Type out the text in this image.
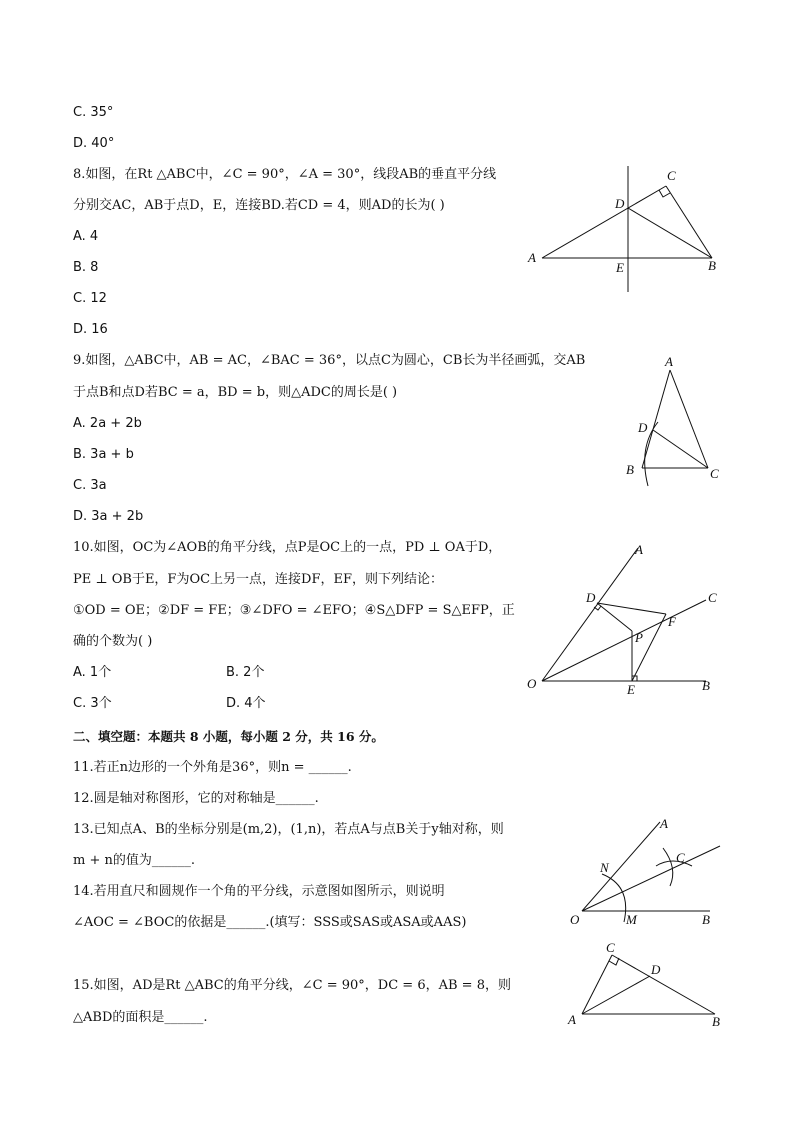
C. 35°
D. 40°
8.如图，在Rt △ABC中，∠C = 90°，∠A = 30°，线段AB的垂直平分线
分别交AC，AB于点D，E，连接BD.若CD = 4，则AD的长为( )
A. 4
B. 8
C. 12
D. 16
A
B
C
D
E
9.如图，△ABC中，AB = AC，∠BAC = 36°，以点C为圆心，CB长为半径画弧，交AB
于点B和点D若BC = a，BD = b，则△ADC的周长是( )
A. 2a + 2b
B. 3a + b
C. 3a
D. 3a + 2b
A
B	C
D
10.如图，OC为∠AOB的角平分线，点P是OC上的一点，PD ⊥ OA于D，
PE ⊥ OB于E，F为OC上另一点，连接DF，EF，则下列结论：
①OD = OE；②DF = FE；③∠DFO = ∠EFO；④S△DFP = S△EFP，正
确的个数为( )
A. 1个	B. 2个
C. 3个	D. 4个
A
B
C
D
E
F
O
P
二、填空题：本题共 8 小题，每小题 2 分，共 16 分。
11.若正n边形的一个外角是36°，则n = ______.
12.圆是轴对称图形，它的对称轴是______.
13.已知点A、B的坐标分别是(m,2)，(1,n)，若点A与点B关于y轴对称，则
m + n的值为______.
14.若用直尺和圆规作一个角的平分线，示意图如图所示，则说明
∠AOC = ∠BOC的依据是______.(填写：SSS或SAS或ASA或AAS)
A
B
C
M
N
O
15.如图，AD是Rt △ABC的角平分线，∠C = 90°，DC = 6，AB = 8，则
△ABD的面积是______.	A	B
C
D
